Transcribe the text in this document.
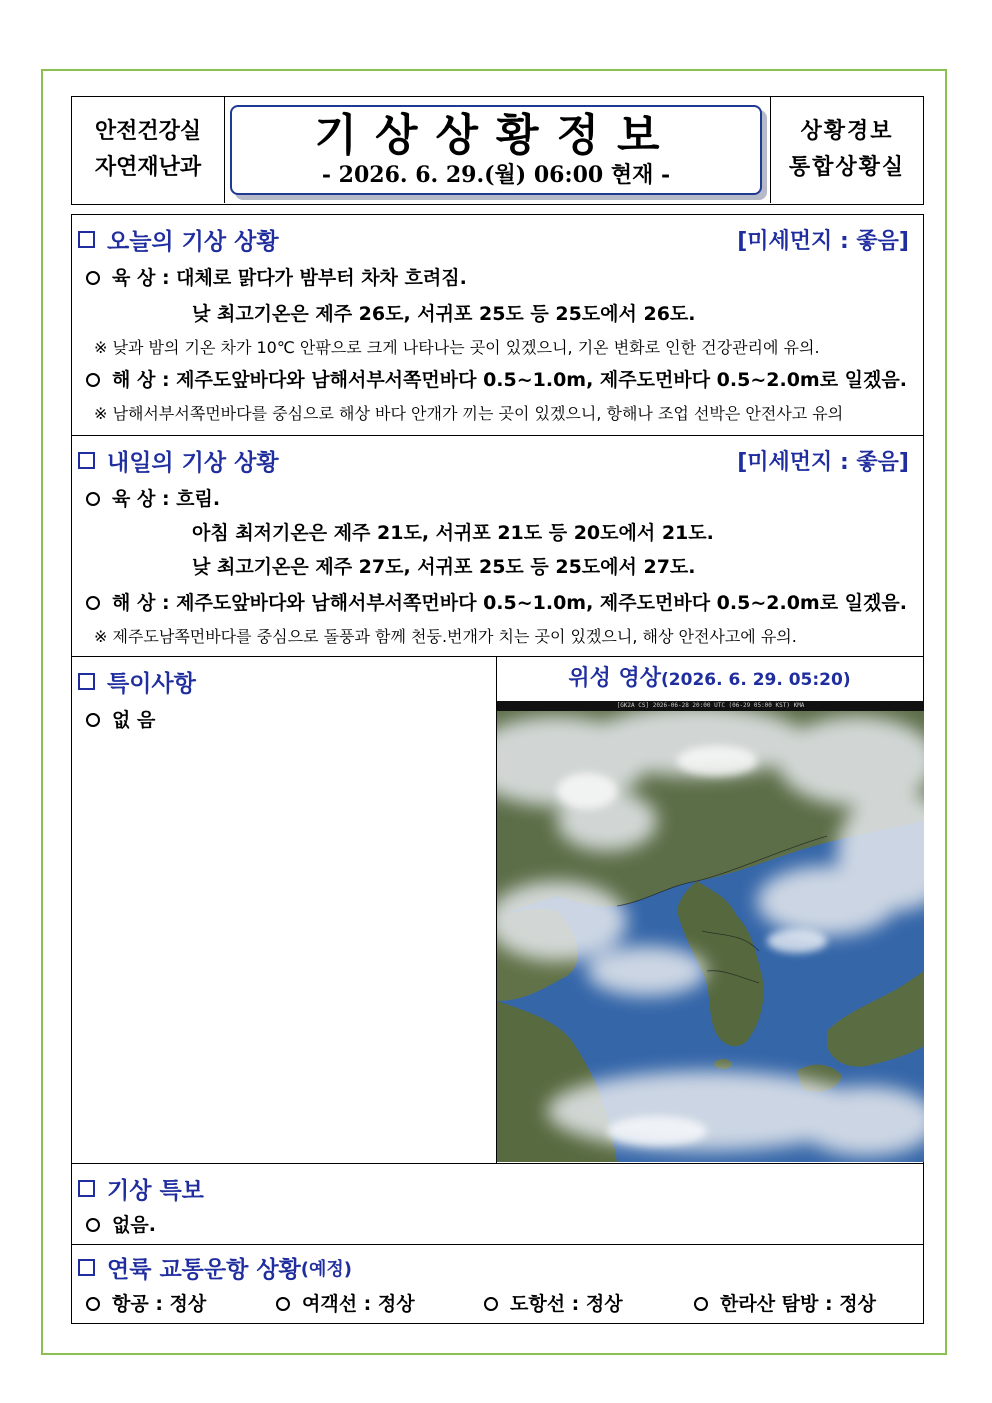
안전건강실
자연재난과
기상상황정보
- 2026. 6. 29.(월) 06:00 현재 -
상황경보
통합상황실
오늘의 기상 상황	[미세먼지 : 좋음]
육 상 : 대체로 맑다가 밤부터 차차 흐려짐.
낮 최고기온은 제주 26도, 서귀포 25도 등 25도에서 26도.
※ 낮과 밤의 기온 차가 10℃ 안팎으로 크게 나타나는 곳이 있겠으니, 기온 변화로 인한 건강관리에 유의.
해 상 : 제주도앞바다와 남해서부서쪽먼바다 0.5~1.0m, 제주도먼바다 0.5~2.0m로 일겠음.
※ 남해서부서쪽먼바다를 중심으로 해상 바다 안개가 끼는 곳이 있겠으니, 항해나 조업 선박은 안전사고 유의
내일의 기상 상황	[미세먼지 : 좋음]
육 상 : 흐림.
아침 최저기온은 제주 21도, 서귀포 21도 등 20도에서 21도.
낮 최고기온은 제주 27도, 서귀포 25도 등 25도에서 27도.
해 상 : 제주도앞바다와 남해서부서쪽먼바다 0.5~1.0m, 제주도먼바다 0.5~2.0m로 일겠음.
※ 제주도남쪽먼바다를 중심으로 돌풍과 함께 천둥.번개가 치는 곳이 있겠으니, 해상 안전사고에 유의.
특이사항
없 음
위성 영상(2026. 6. 29. 05:20)
[GK2A CS] 2026-06-28 20:00 UTC (06-29 05:00 KST) KMA
기상 특보
없음.
연륙 교통운항 상황 (예정)
항공 : 정상	여객선 : 정상	도항선 : 정상	한라산 탐방 : 정상
